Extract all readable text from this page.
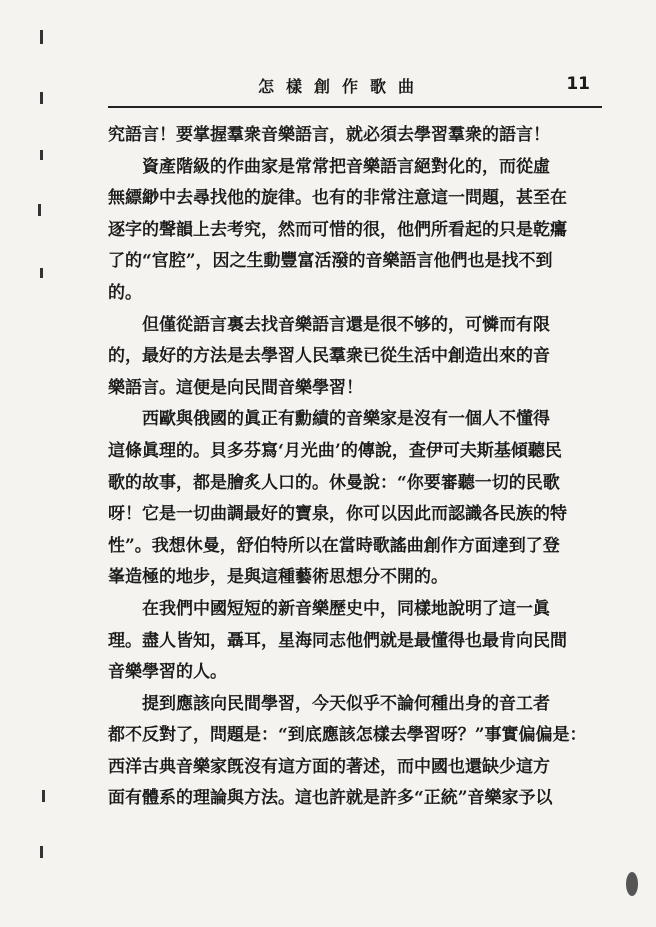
怎樣創作歌曲	11
究語言！要掌握羣衆音樂語言，就必須去學習羣衆的語言！
資產階級的作曲家是常常把音樂語言絕對化的，而從虛
無縹緲中去尋找他的旋律。也有的非常注意這一問題，甚至在
逐字的聲韻上去考究，然而可惜的很，他們所看起的只是乾癟
了的“官腔”，因之生動豐富活潑的音樂語言他們也是找不到
的。
但僅從語言裏去找音樂語言還是很不够的，可憐而有限
的，最好的方法是去學習人民羣衆已從生活中創造出來的音
樂語言。這便是向民間音樂學習！
西歐與俄國的眞正有勳績的音樂家是沒有一個人不懂得
這條眞理的。貝多芬寫‘月光曲’的傳說，查伊可夫斯基傾聽民
歌的故事，都是膾炙人口的。休曼說：“你要審聽一切的民歌
呀！它是一切曲調最好的寶泉，你可以因此而認識各民族的特
性”。我想休曼，舒伯特所以在當時歌謠曲創作方面達到了登
峯造極的地步，是與這種藝術思想分不開的。
在我們中國短短的新音樂歷史中，同樣地說明了這一眞
理。盡人皆知，聶耳，星海同志他們就是最懂得也最肯向民間
音樂學習的人。
提到應該向民間學習，今天似乎不論何種出身的音工者
都不反對了，問題是：“到底應該怎樣去學習呀？”事實偏偏是：
西洋古典音樂家旣沒有這方面的著述，而中國也還缺少這方
面有體系的理論與方法。這也許就是許多“正統”音樂家予以
